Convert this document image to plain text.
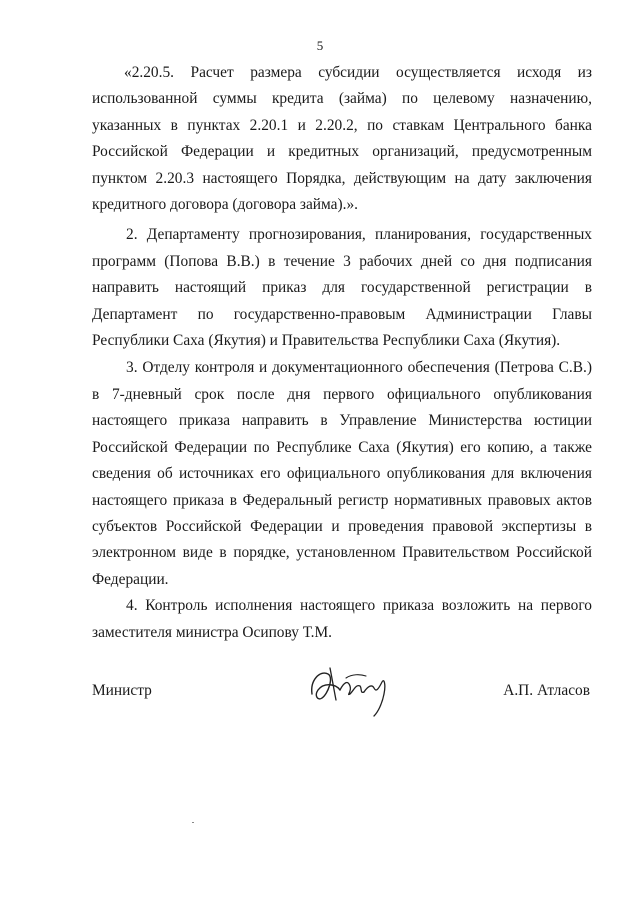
5

«2.20.5. Расчет размера субсидии осуществляется исходя из использованной суммы кредита (займа) по целевому назначению, указанных в пунктах 2.20.1 и 2.20.2, по ставкам Центрального банка Российской Федерации и кредитных организаций, предусмотренным пунктом 2.20.3 настоящего Порядка, действующим на дату заключения кредитного договора (договора займа).».

2. Департаменту прогнозирования, планирования, государственных программ (Попова В.В.) в течение 3 рабочих дней со дня подписания направить настоящий приказ для государственной регистрации в Департамент по государственно-правовым Администрации Главы Республики Саха (Якутия) и Правительства Республики Саха (Якутия).

3. Отделу контроля и документационного обеспечения (Петрова С.В.) в 7-дневный срок после дня первого официального опубликования настоящего приказа направить в Управление Министерства юстиции Российской Федерации по Республике Саха (Якутия) его копию, а также сведения об источниках его официального опубликования для включения настоящего приказа в Федеральный регистр нормативных правовых актов субъектов Российской Федерации и проведения правовой экспертизы в электронном виде в порядке, установленном Правительством Российской Федерации.

4. Контроль исполнения настоящего приказа возложить на первого заместителя министра Осипову Т.М.

Министр	А.П. Атласов
